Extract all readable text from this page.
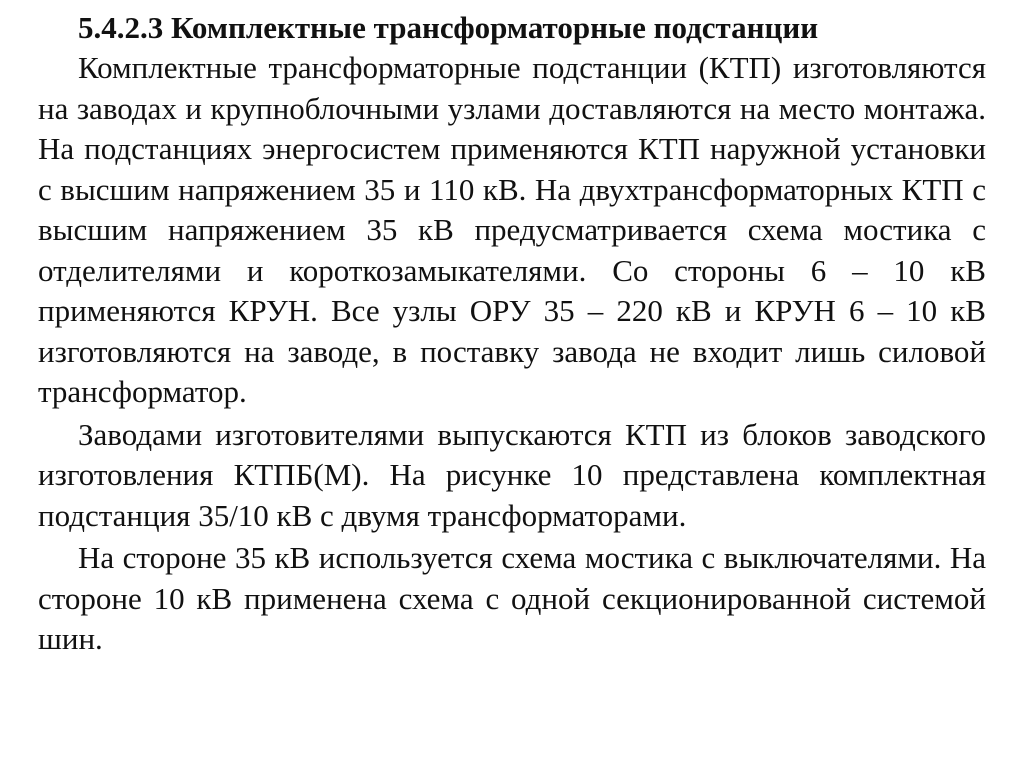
5.4.2.3 Комплектные трансформаторные подстанции

Комплектные трансформаторные подстанции (КТП) изготовляются на заводах и крупноблочными узлами доставляются на место монтажа. На подстанциях энергосистем применяются КТП наружной установки с высшим напряжением 35 и 110 кВ. На двухтрансформаторных КТП с высшим напряжением 35 кВ предусматривается схема мостика с отделителями и короткозамыкателями. Со стороны 6 – 10 кВ применяются КРУН. Все узлы ОРУ 35 – 220 кВ и КРУН 6 – 10 кВ изготовляются на заводе, в поставку завода не входит лишь силовой трансформатор.

Заводами изготовителями выпускаются КТП из блоков заводского изготовления КТПБ(М). На рисунке 10 представлена комплектная подстанция 35/10 кВ с двумя трансформаторами.

На стороне 35 кВ используется схема мостика с выключателями. На стороне 10 кВ применена схема с одной секционированной системой шин.
